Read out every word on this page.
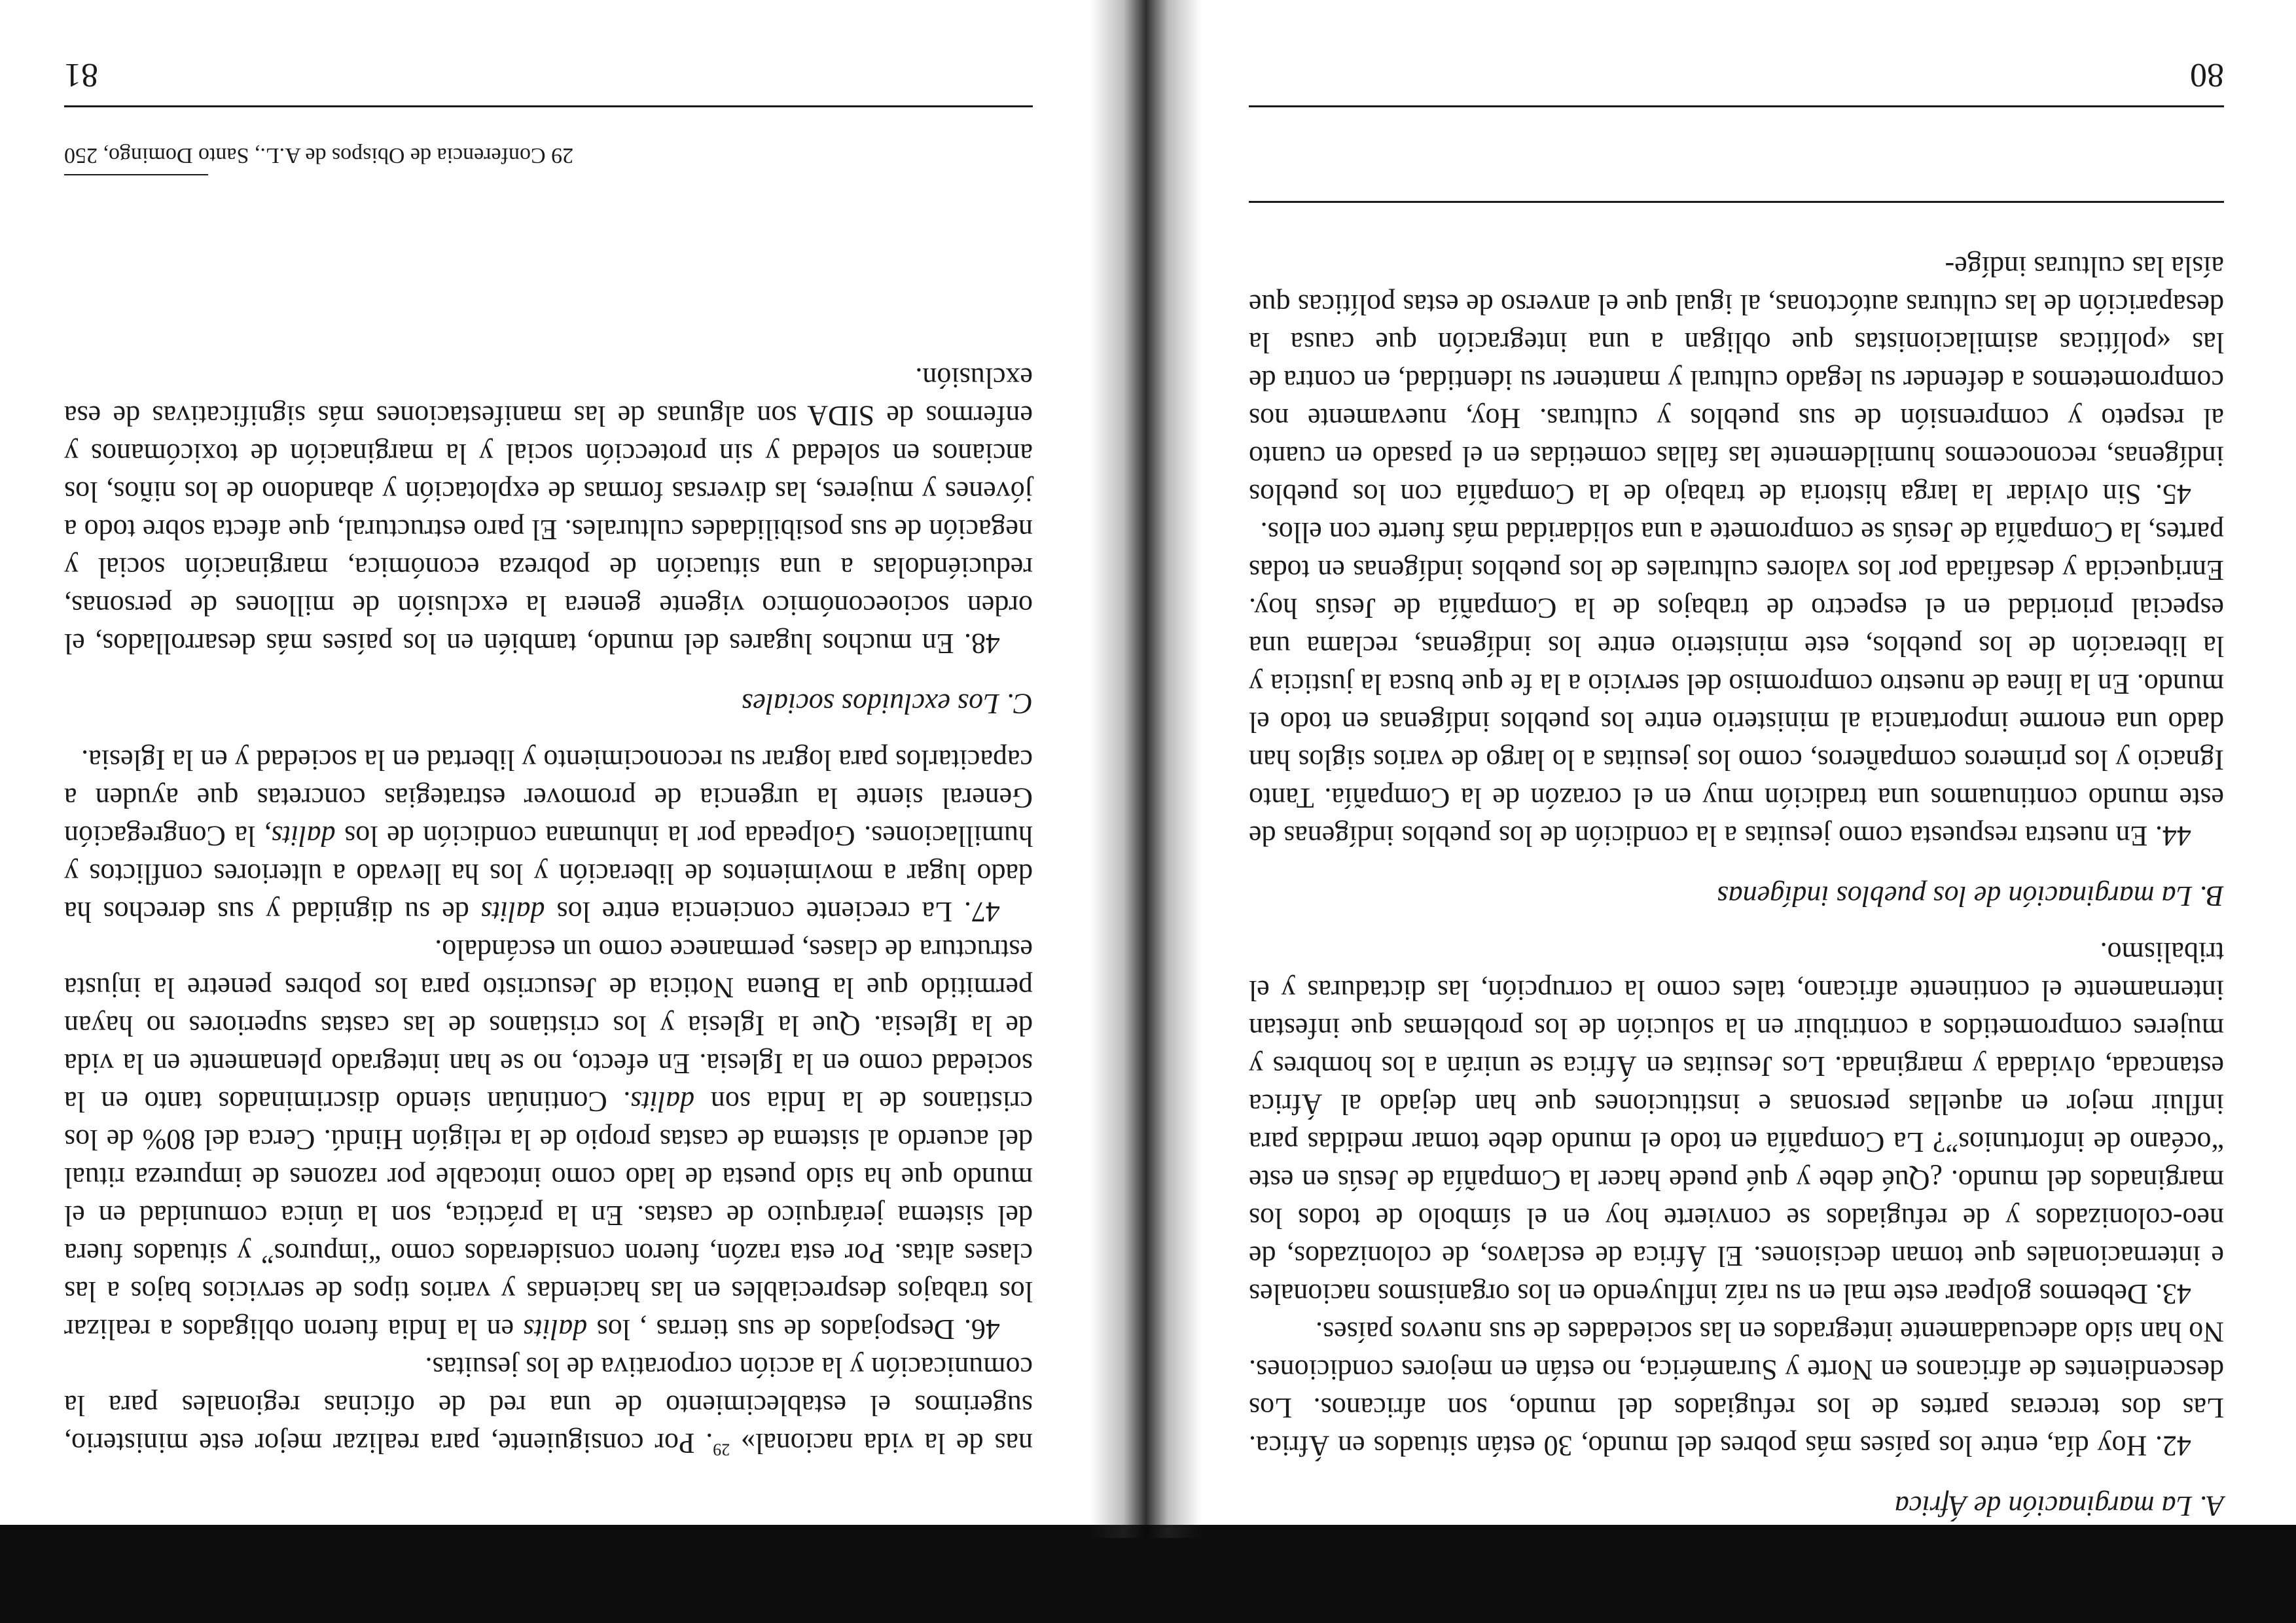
A. La marginación de África

42. Hoy día, entre los países más pobres del mundo, 30 están situados en África. Las dos terceras partes de los refugiados del mundo, son africanos. Los descendientes de africanos en Norte y Suramérica, no están en mejores condiciones. No han sido adecuadamente integrados en las sociedades de sus nuevos países.

43. Debemos golpear este mal en su raíz influyendo en los organismos nacionales e internacionales que toman decisiones. El África de esclavos, de colonizados, de neo-colonizados y de refugiados se convierte hoy en el símbolo de todos los marginados del mundo. ¿Qué debe y qué puede hacer la Compañía de Jesús en este “océano de infortunios”? La Compañía en todo el mundo debe tomar medidas para influir mejor en aquellas personas e instituciones que han dejado al África estancada, olvidada y marginada. Los Jesuitas en África se unirán a los hombres y mujeres comprometidos a contribuir en la solución de los problemas que infestan internamente el continente africano, tales como la corrupción, las dictaduras y el tribalismo.

B. La marginación de los pueblos indígenas

44. En nuestra respuesta como jesuitas a la condición de los pueblos indígenas de este mundo continuamos una tradición muy en el corazón de la Compañía. Tanto Ignacio y los primeros compañeros, como los jesuitas a lo largo de varios siglos han dado una enorme importancia al ministerio entre los pueblos indígenas en todo el mundo. En la línea de nuestro compromiso del servicio a la fe que busca la justicia y la liberación de los pueblos, este ministerio entre los indígenas, reclama una especial prioridad en el espectro de trabajos de la Compañía de Jesús hoy. Enriquecida y desafiada por los valores culturales de los pueblos indígenas en todas partes, la Compañía de Jesús se compromete a una solidaridad más fuerte con ellos.

45. Sin olvidar la larga historia de trabajo de la Compañía con los pueblos indígenas, reconocemos humildemente las fallas cometidas en el pasado en cuanto al respeto y comprensión de sus pueblos y culturas. Hoy, nuevamente nos comprometemos a defender su legado cultural y mantener su identidad, en contra de las «políticas asimilacionistas que obligan a una integración que causa la desaparición de las culturas autóctonas, al igual que el anverso de estas políticas que aísla las culturas indíge-

80

nas de la vida nacional» $^{29}$. Por consiguiente, para realizar mejor este ministerio, sugerimos el establecimiento de una red de oficinas regionales para la comunicación y la acción corporativa de los jesuitas.

46. Despojados de sus tierras , los dalits en la India fueron obligados a realizar los trabajos despreciables en las haciendas y varios tipos de servicios bajos a las clases altas. Por esta razón, fueron considerados como “impuros” y situados fuera del sistema jerárquico de castas. En la práctica, son la única comunidad en el mundo que ha sido puesta de lado como intocable por razones de impureza ritual del acuerdo al sistema de castas propio de la religión Hindú. Cerca del 80% de los cristianos de la India son dalits. Continúan siendo discriminados tanto en la sociedad como en la Iglesia. En efecto, no se han integrado plenamente en la vida de la Iglesia. Que la Iglesia y los cristianos de las castas superiores no hayan permitido que la Buena Noticia de Jesucristo para los pobres penetre la injusta estructura de clases, permanece como un escándalo.

47. La creciente conciencia entre los dalits de su dignidad y sus derechos ha dado lugar a movimientos de liberación y los ha llevado a ulteriores conflictos y humillaciones. Golpeada por la inhumana condición de los dalits, la Congregación General siente la urgencia de promover estrategias concretas que ayuden a capacitarlos para lograr su reconocimiento y libertad en la sociedad y en la Iglesia.

C. Los excluidos sociales

48. En muchos lugares del mundo, también en los países más desarrollados, el orden socioeconómico vigente genera la exclusión de millones de personas, reduciéndolas a una situación de pobreza económica, marginación social y negación de sus posibilidades culturales. El paro estructural, que afecta sobre todo a jóvenes y mujeres, las diversas formas de explotación y abandono de los niños, los ancianos en soledad y sin protección social y la marginación de toxicómanos y enfermos de SIDA son algunas de las manifestaciones más significativas de esa exclusión.

29 Conferencia de Obispos de A.L., Santo Domingo, 250
81
